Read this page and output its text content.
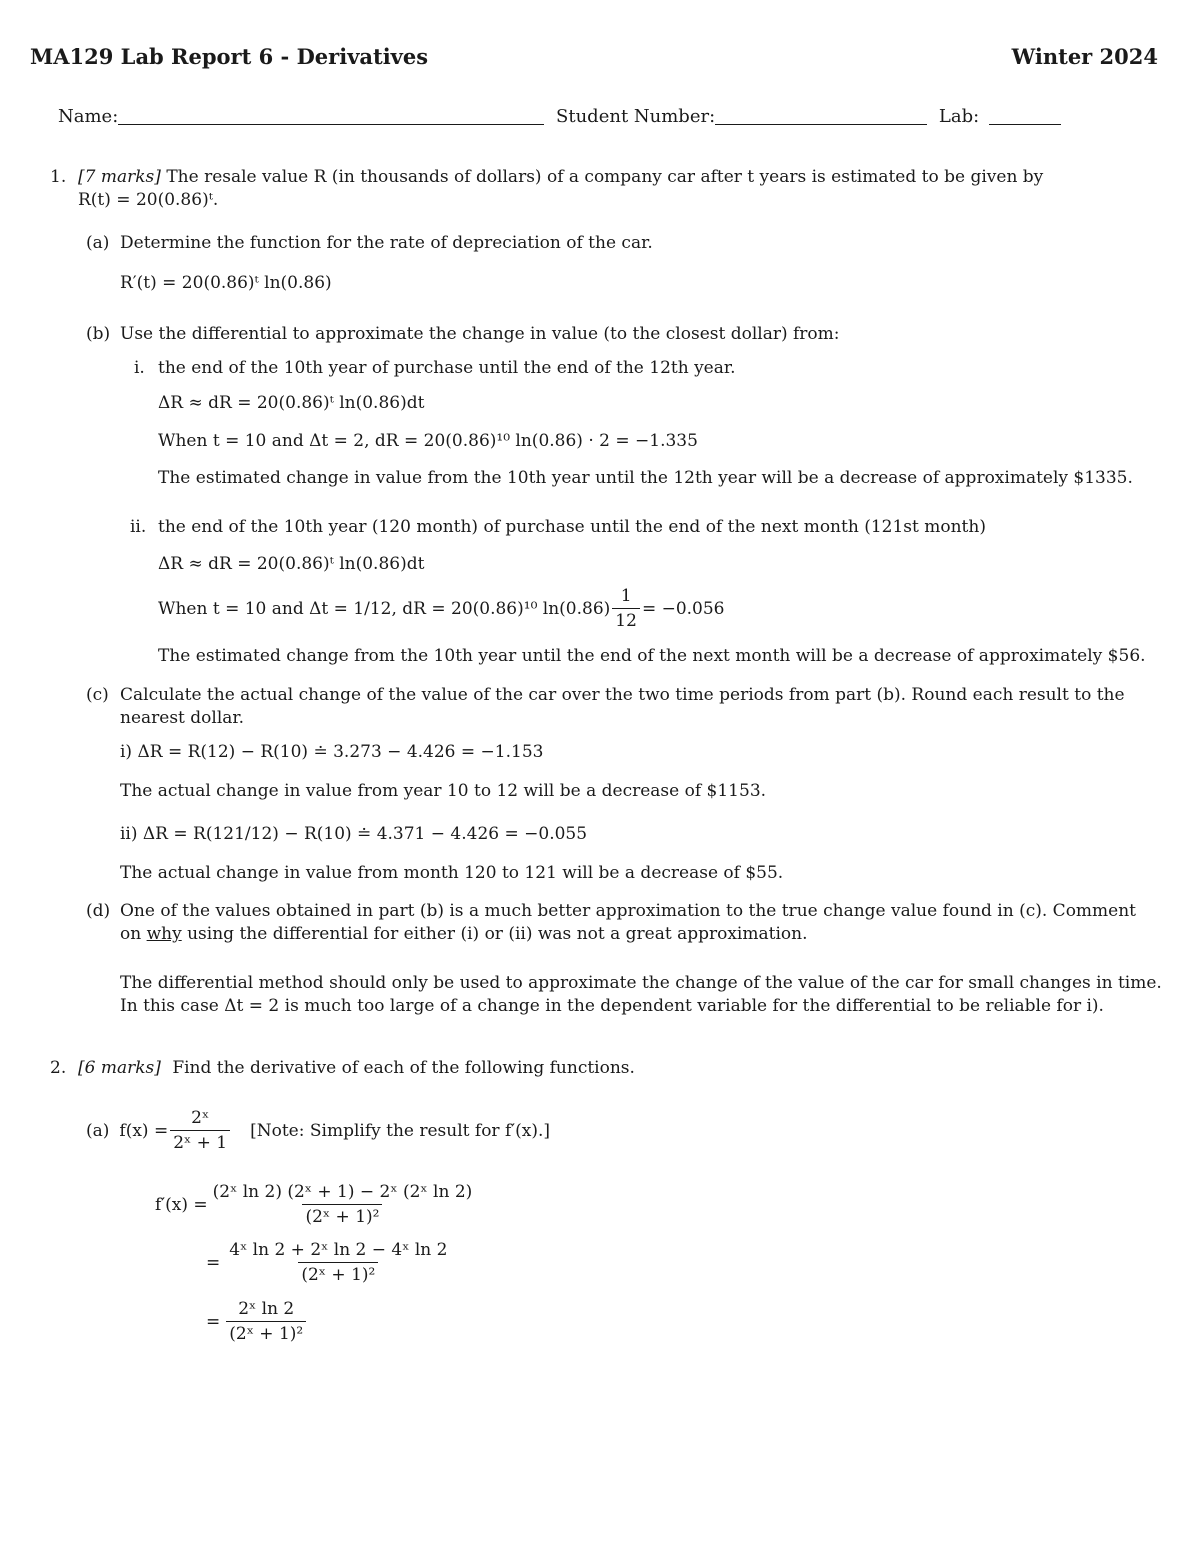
MA129 Lab Report 6 - Derivatives	Winter 2024
Name:	Student Number:	Lab:
1. [7 marks] The resale value R (in thousands of dollars) of a company car after t years is estimated to be given by
R(t) = 20(0.86)ᵗ.
(a) Determine the function for the rate of depreciation of the car.
R′(t) = 20(0.86)ᵗ ln(0.86)
(b) Use the differential to approximate the change in value (to the closest dollar) from:
i. the end of the 10th year of purchase until the end of the 12th year.
ΔR ≈ dR = 20(0.86)ᵗ ln(0.86)dt
When t = 10 and Δt = 2, dR = 20(0.86)¹⁰ ln(0.86) · 2 = −1.335
The estimated change in value from the 10th year until the 12th year will be a decrease of approximately $1335.
ii. the end of the 10th year (120 month) of purchase until the end of the next month (121st month)
ΔR ≈ dR = 20(0.86)ᵗ ln(0.86)dt
When t = 10 and Δt = 1/12, dR = 20(0.86)¹⁰ $\ln(0.86) \frac{1}{12} = -0.056$
The estimated change from the 10th year until the end of the next month will be a decrease of approximately $56.
(c) Calculate the actual change of the value of the car over the two time periods from part (b). Round each result to the
nearest dollar.
i) ΔR = R(12) − R(10) ≐ 3.273 − 4.426 = −1.153
The actual change in value from year 10 to 12 will be a decrease of $1153.
ii) ΔR = R(121/12) − R(10) ≐ 4.371 − 4.426 = −0.055
The actual change in value from month 120 to 121 will be a decrease of $55.
(d) One of the values obtained in part (b) is a much better approximation to the true change value found in (c). Comment
on why using the differential for either (i) or (ii) was not a great approximation.
The differential method should only be used to approximate the change of the value of the car for small changes in time.
In this case Δt = 2 is much too large of a change in the dependent variable for the differential to be reliable for i).
2. [6 marks] Find the derivative of each of the following functions.
(a) $f(x) = \frac{\text{2ˣ}}{\text{2ˣ + 1}}$ [Note: Simplify the result for f′(x).]
$f'(x) = \frac{\text{(2ˣ ln 2) (2ˣ + 1) − 2ˣ (2ˣ ln 2)}}{\text{(2ˣ + 1)²}}$
= $\frac{\text{4ˣ ln 2 + 2ˣ ln 2 − 4ˣ ln 2}}{\text{(2ˣ + 1)²}}$
= $\frac{\text{2ˣ ln 2}}{\text{(2ˣ + 1)²}}$
